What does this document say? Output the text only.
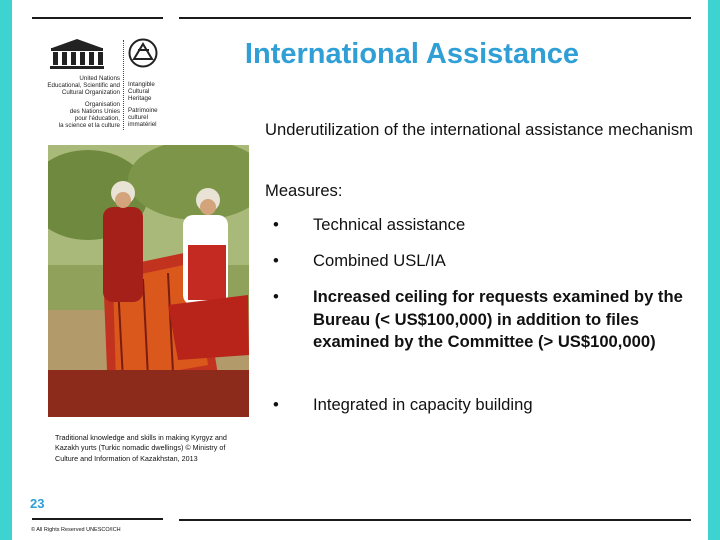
United Nations
Educational, Scientific and
Cultural Organization
Organisation
des Nations Unies
pour l'éducation,
la science et la culture
Intangible
Cultural
Heritage
Patrimoine
culturel
immatériel
International Assistance
Traditional knowledge and skills in making Kyrgyz and Kazakh yurts (Turkic nomadic dwellings) © Ministry of Culture and Information of Kazakhstan, 2013
23
© All Rights Reserved UNESCO/ICH
Underutilization of the international assistance mechanism
Measures:
• Technical assistance
• Combined USL/IA
• Increased ceiling for requests examined by the Bureau (< US$100,000) in addition to files examined by the Committee (> US$100,000)
• Integrated in capacity building
